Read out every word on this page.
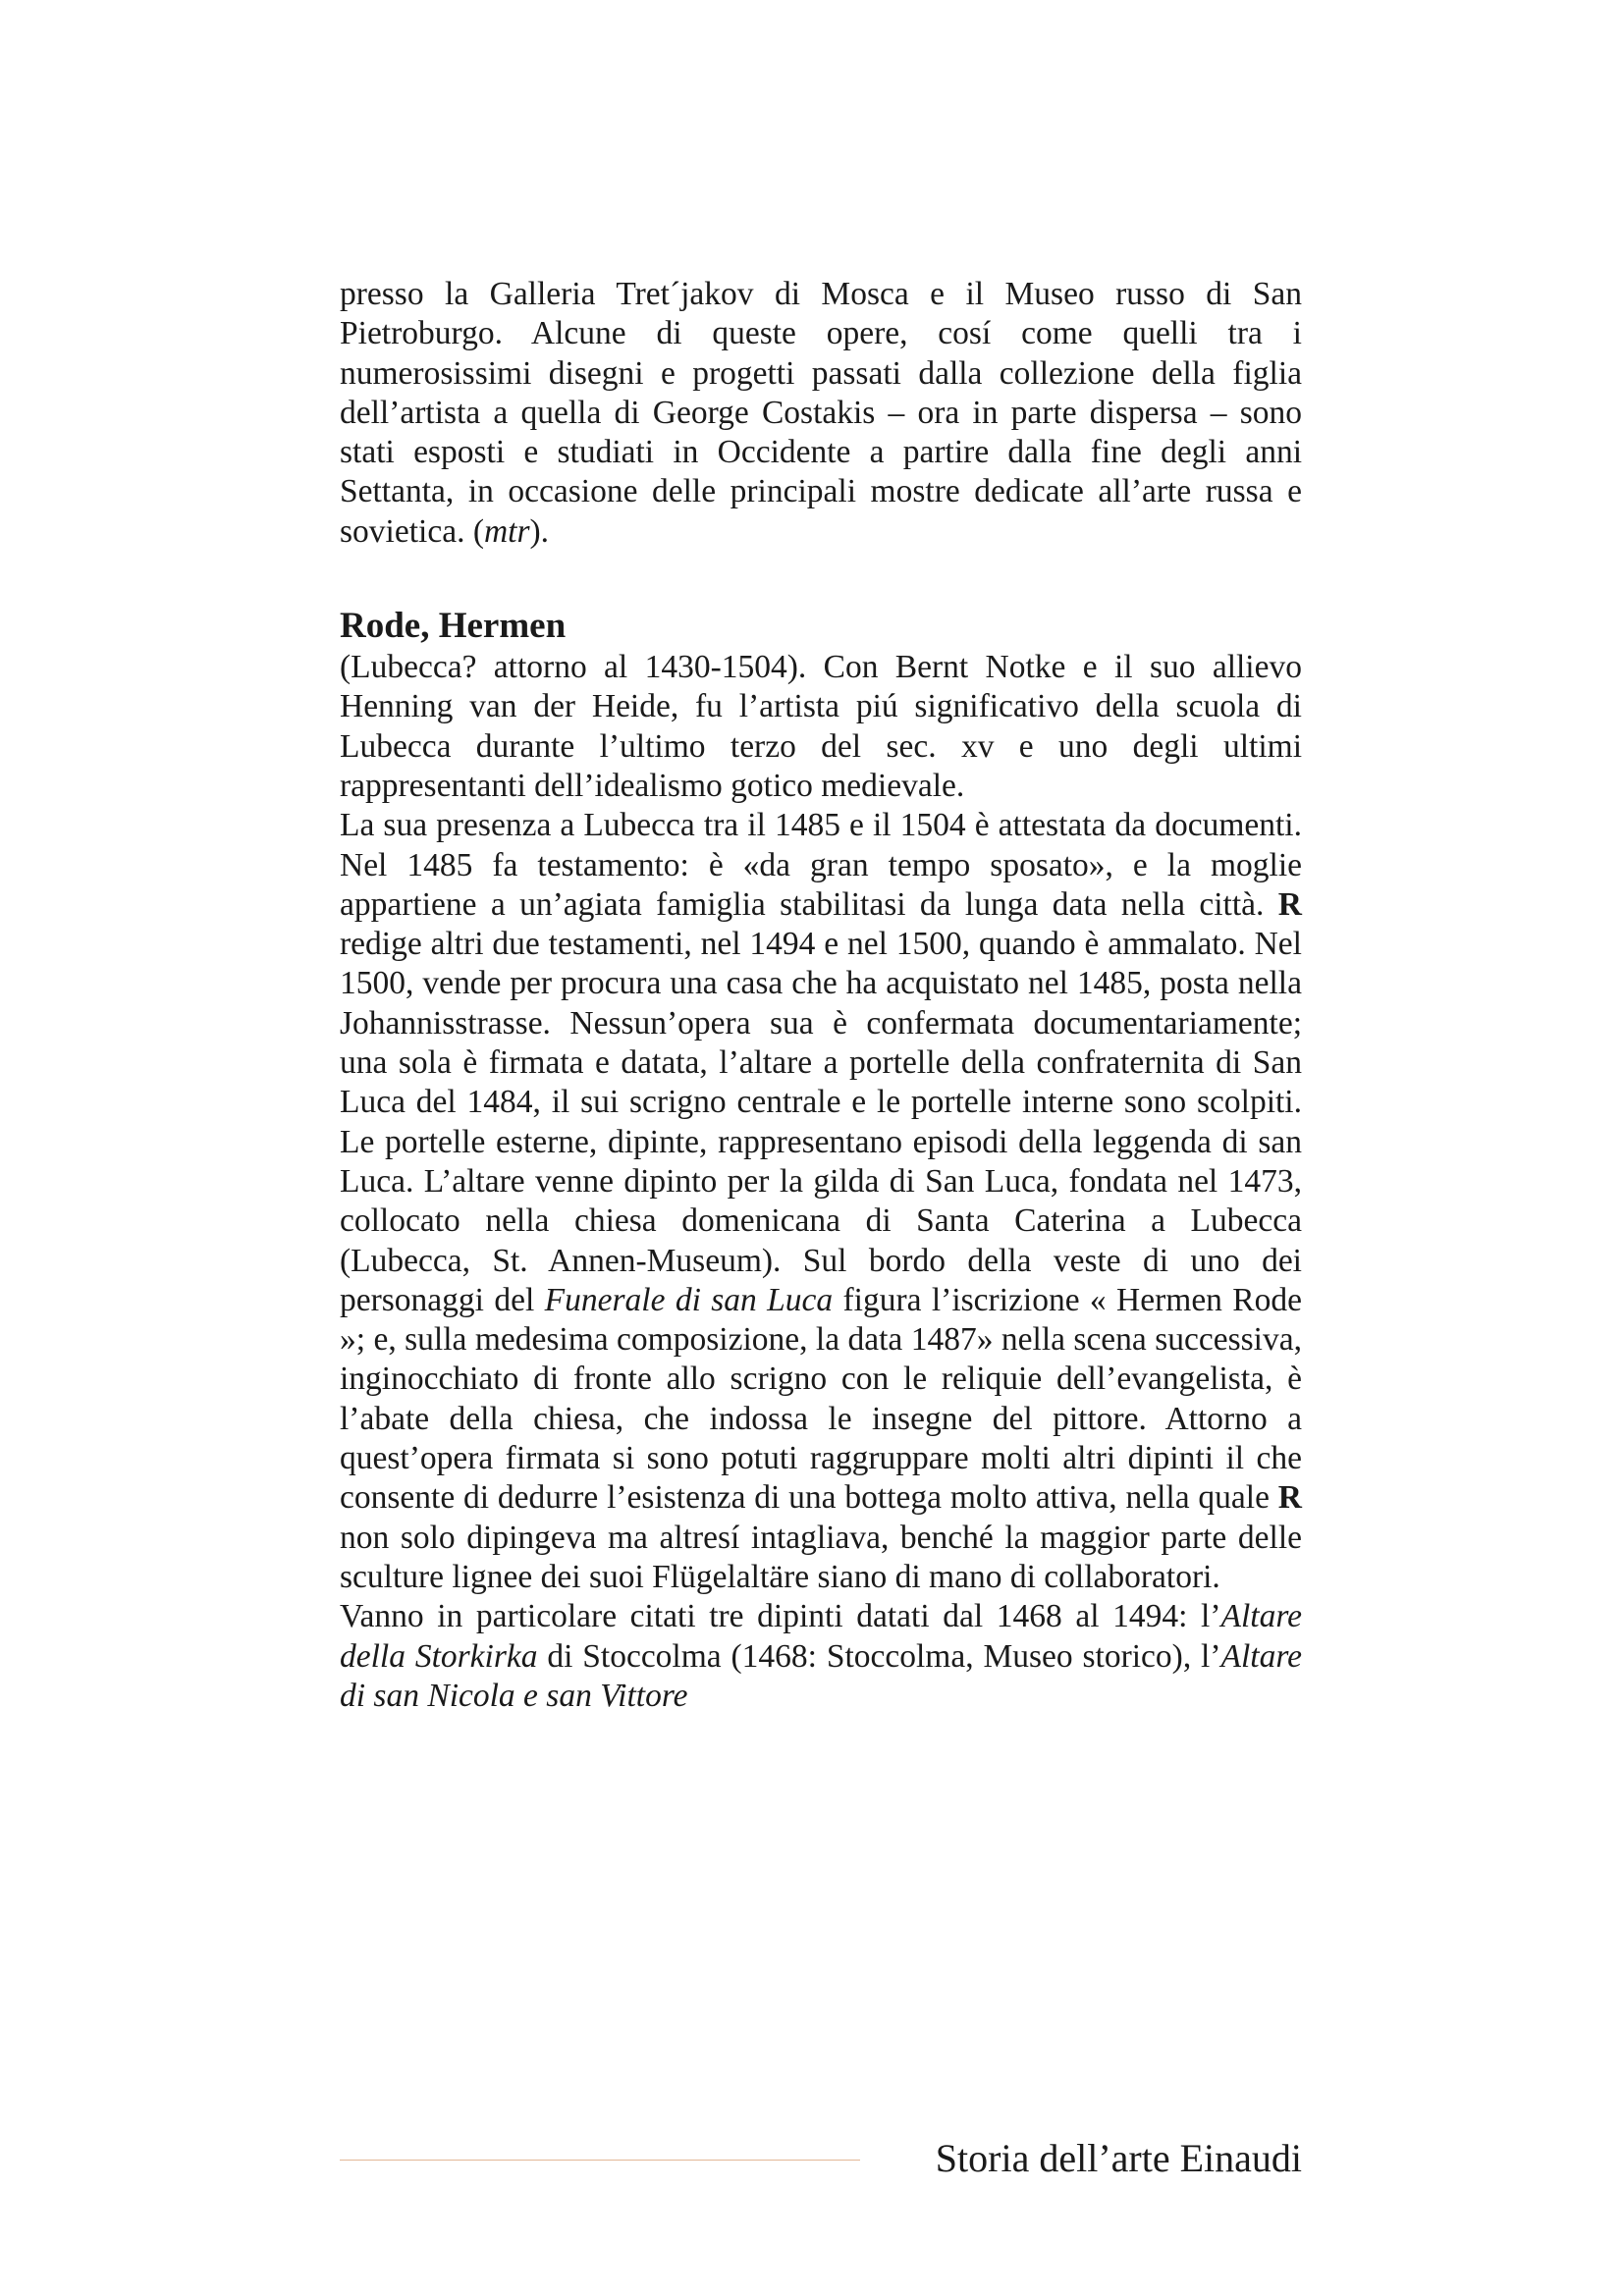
presso la Galleria Tret´jakov di Mosca e il Museo russo di San Pietroburgo. Alcune di queste opere, cosí come quelli tra i numerosissimi disegni e progetti passati dalla collezione della figlia dell’artista a quella di George Costakis – ora in parte dispersa – sono stati esposti e studiati in Occidente a partire dalla fine degli anni Settanta, in occasione delle principali mostre dedicate all’arte russa e sovietica. (mtr).

Rode, Hermen

(Lubecca? attorno al 1430-1504). Con Bernt Notke e il suo allievo Henning van der Heide, fu l’artista piú significativo della scuola di Lubecca durante l’ultimo terzo del sec. xv e uno degli ultimi rappresentanti dell’idealismo gotico medievale.

La sua presenza a Lubecca tra il 1485 e il 1504 è attestata da documenti. Nel 1485 fa testamento: è «da gran tempo sposato», e la moglie appartiene a un’agiata famiglia stabilitasi da lunga data nella città. R redige altri due testamenti, nel 1494 e nel 1500, quando è ammalato. Nel 1500, vende per procura una casa che ha acquistato nel 1485, posta nella Johannisstrasse. Nessun’opera sua è confermata documentariamente; una sola è firmata e datata, l’altare a portelle della confraternita di San Luca del 1484, il sui scrigno centrale e le portelle interne sono scolpiti. Le portelle esterne, dipinte, rappresentano episodi della leggenda di san Luca. L’altare venne dipinto per la gilda di San Luca, fondata nel 1473, collocato nella chiesa domenicana di Santa Caterina a Lubecca (Lubecca, St. Annen-Museum). Sul bordo della veste di uno dei personaggi del Funerale di san Luca figura l’iscrizione « Hermen Rode »; e, sulla medesima composizione, la data 1487» nella scena successiva, inginocchiato di fronte allo scrigno con le reliquie dell’evangelista, è l’abate della chiesa, che indossa le insegne del pittore. Attorno a quest’opera firmata si sono potuti raggruppare molti altri dipinti il che consente di dedurre l’esistenza di una bottega molto attiva, nella quale R non solo dipingeva ma altresí intagliava, benché la maggior parte delle sculture lignee dei suoi Flügelaltäre siano di mano di collaboratori.

Vanno in particolare citati tre dipinti datati dal 1468 al 1494: l’Altare della Storkirka di Stoccolma (1468: Stoccolma, Museo storico), l’Altare di san Nicola e san Vittore

Storia dell’arte Einaudi
